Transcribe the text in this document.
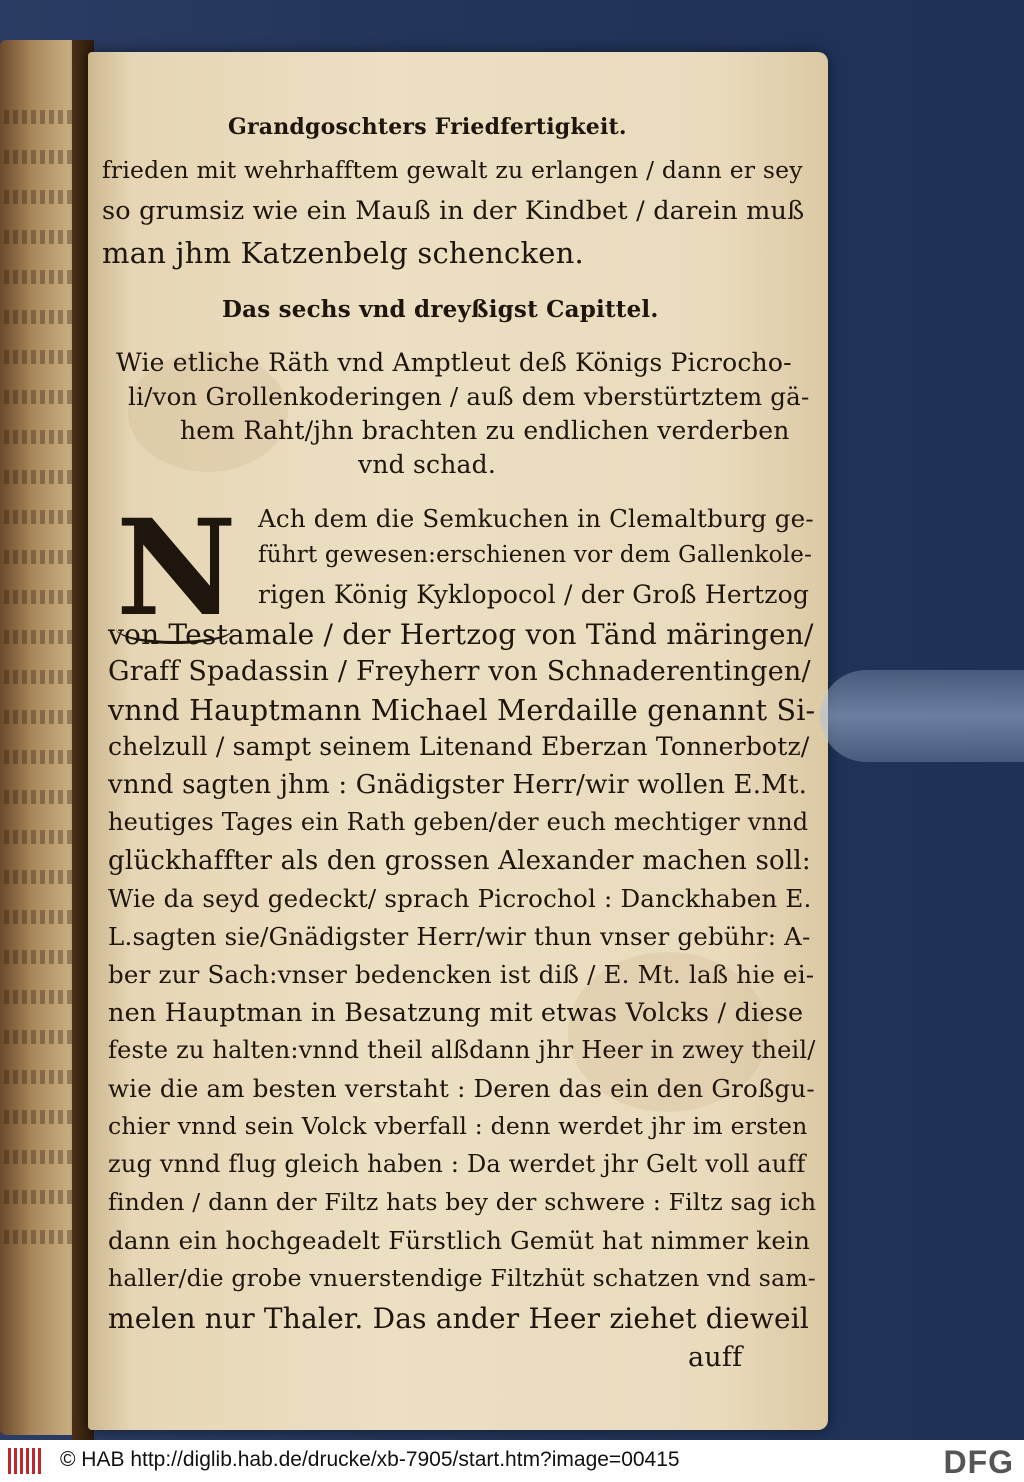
Grandgoschters Friedfertigkeit.
frieden mit wehrhafftem gewalt zu erlangen / dann er sey
so grumsiz wie ein Mauß in der Kindbet / darein muß
man jhm Katzenbelg schencken.
Das sechs vnd dreyßigst Capittel.
Wie etliche Räth vnd Amptleut deß Königs Picrocho-
li/von Grollenkoderingen / auß dem vberstürtztem gä-
hem Raht/jhn brachten zu endlichen verderben
vnd schad.
N Ach dem die Semkuchen in Clemaltburg ge-
führt gewesen:erschienen vor dem Gallenkole-
rigen König Kyklopocol / der Groß Hertzog
von Testamale / der Hertzog von Tänd märingen/
Graff Spadassin / Freyherr von Schnaderentingen/
vnnd Hauptmann Michael Merdaille genannt Si-
chelzull / sampt seinem Litenand Eberzan Tonnerbotz/
vnnd sagten jhm : Gnädigster Herr/wir wollen E.Mt.
heutiges Tages ein Rath geben/der euch mechtiger vnnd
glückhaffter als den grossen Alexander machen soll:
Wie da seyd gedeckt/ sprach Picrochol : Danckhaben E.
L.sagten sie/Gnädigster Herr/wir thun vnser gebühr: A-
ber zur Sach:vnser bedencken ist diß / E. Mt. laß hie ei-
nen Hauptman in Besatzung mit etwas Volcks / diese
feste zu halten:vnnd theil alßdann jhr Heer in zwey theil/
wie die am besten verstaht : Deren das ein den Großgu-
chier vnnd sein Volck vberfall : denn werdet jhr im ersten
zug vnnd flug gleich haben : Da werdet jhr Gelt voll auff
finden / dann der Filtz hats bey der schwere : Filtz sag ich
dann ein hochgeadelt Fürstlich Gemüt hat nimmer kein
haller/die grobe vnuerstendige Filtzhüt schatzen vnd sam-
melen nur Thaler. Das ander Heer ziehet dieweil
auff
© HAB http://diglib.hab.de/drucke/xb-7905/start.htm?image=00415	DFG
